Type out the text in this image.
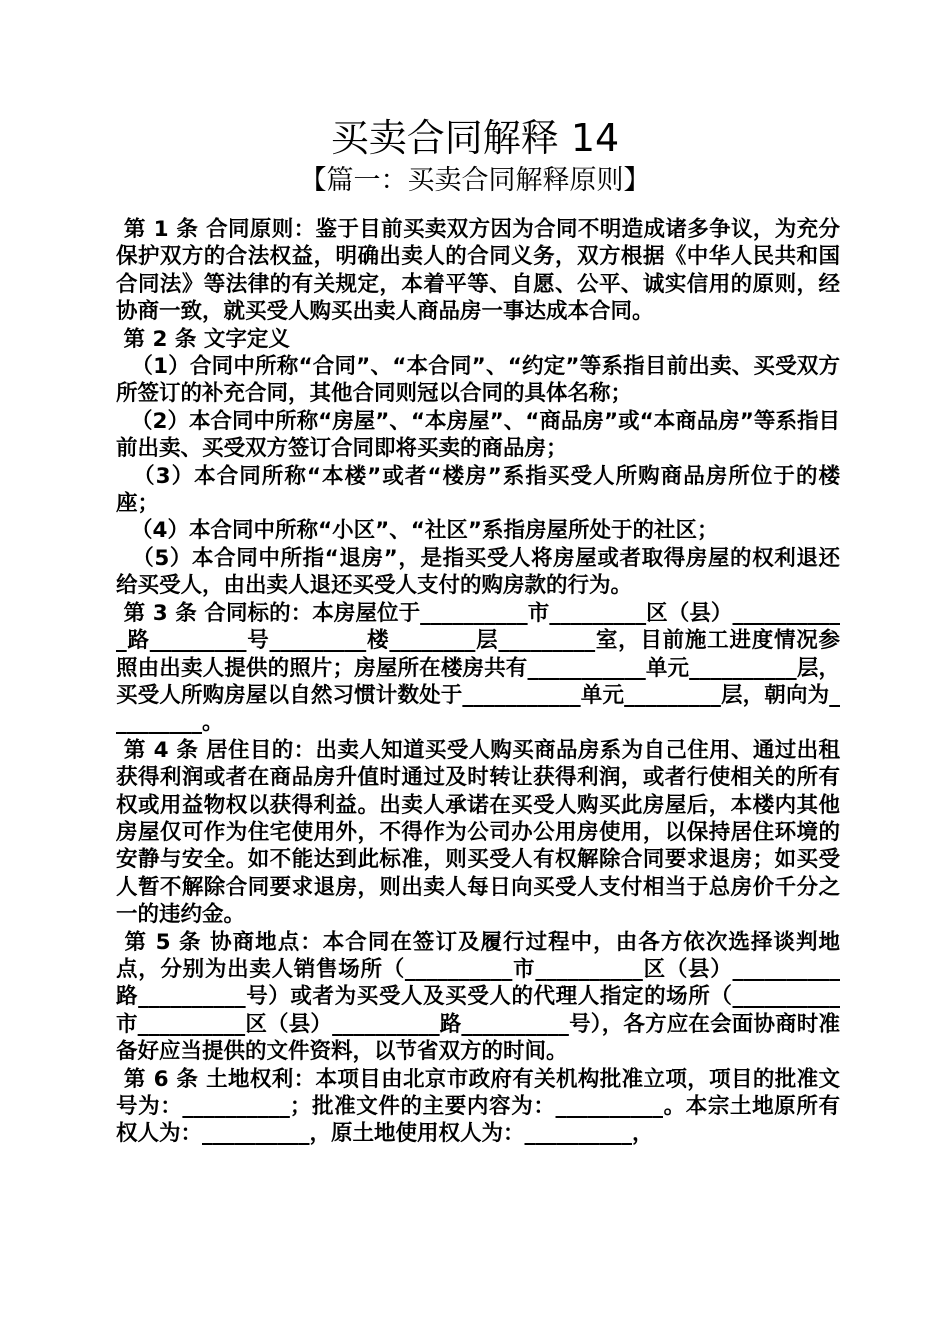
买卖合同解释 14
【篇一：买卖合同解释原则】

第 1 条 合同原则：鉴于目前买卖双方因为合同不明造成诸多争议，为充分保护双方的合法权益，明确出卖人的合同义务，双方根据《中华人民共和国合同法》等法律的有关规定，本着平等、自愿、公平、诚实信用的原则，经协商一致，就买受人购买出卖人商品房一事达成本合同。

第 2 条 文字定义

（1）合同中所称“合同”、“本合同”、“约定”等系指目前出卖、买受双方所签订的补充合同，其他合同则冠以合同的具体名称；

（2）本合同中所称“房屋”、“本房屋”、“商品房”或“本商品房”等系指目前出卖、买受双方签订合同即将买卖的商品房；

（3）本合同所称“本楼”或者“楼房”系指买受人所购商品房所位于的楼座；

（4）本合同中所称“小区”、“社区”系指房屋所处于的社区；

（5）本合同中所指“退房”，是指买受人将房屋或者取得房屋的权利退还给买受人，由出卖人退还买受人支付的购房款的行为。

第 3 条 合同标的：本房屋位于__________市_________区（县）___________路_________号_________楼________层_________室，目前施工进度情况参照由出卖人提供的照片；房屋所在楼房共有___________单元__________层，买受人所购房屋以自然习惯计数处于___________单元_________层，朝向为_________。

第 4 条 居住目的：出卖人知道买受人购买商品房系为自己住用、通过出租获得利润或者在商品房升值时通过及时转让获得利润，或者行使相关的所有权或用益物权以获得利益。出卖人承诺在买受人购买此房屋后，本楼内其他房屋仅可作为住宅使用外，不得作为公司办公用房使用，以保持居住环境的安静与安全。如不能达到此标准，则买受人有权解除合同要求退房；如买受人暂不解除合同要求退房，则出卖人每日向买受人支付相当于总房价千分之一的违约金。

第 5 条 协商地点：本合同在签订及履行过程中，由各方依次选择谈判地点，分别为出卖人销售场所（__________市__________区（县）__________路__________号）或者为买受人及买受人的代理人指定的场所（__________市__________区（县）__________路__________号），各方应在会面协商时准备好应当提供的文件资料，以节省双方的时间。

第 6 条 土地权利：本项目由北京市政府有关机构批准立项，项目的批准文号为：__________；批准文件的主要内容为：__________。本宗土地原所有权人为：__________，原土地使用权人为：__________，
